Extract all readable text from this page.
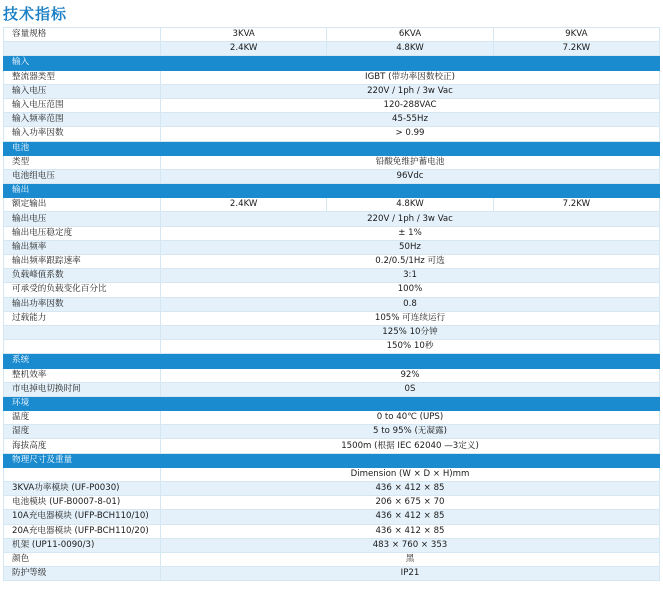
技术指标
容量规格	3KVA	6KVA	9KVA
	2.4KW	4.8KW	7.2KW
输入			
整流器类型	IGBT (带功率因数校正)		
输入电压	220V / 1ph / 3w Vac		
输入电压范围	120-288VAC		
输入频率范围	45-55Hz		
输入功率因数	> 0.99		
电池			
类型	铅酸免维护蓄电池		
电池组电压	96Vdc		
输出			
额定输出	2.4KW	4.8KW	7.2KW
输出电压	220V / 1ph / 3w Vac		
输出电压稳定度	± 1%		
输出频率	50Hz		
输出频率跟踪速率	0.2/0.5/1Hz 可选		
负载峰值系数	3:1		
可承受的负载变化百分比	100%		
输出功率因数	0.8		
过载能力	105% 可连续运行		
	125% 10分钟		
	150% 10秒		
系统			
整机效率	92%		
市电掉电切换时间	0S		
环境			
温度	0 to 40℃ (UPS)		
湿度	5 to 95% (无凝露)		
海拔高度	1500m (根据 IEC 62040 —3定义)		
物理尺寸及重量			
	Dimension (W × D × H)mm		
3KVA功率模块 (UF-P0030)	436 × 412 × 85		
电池模块 (UF-B0007-8-01)	206 × 675 × 70		
10A充电器模块 (UFP-BCH110/10)	436 × 412 × 85		
20A充电器模块 (UFP-BCH110/20)	436 × 412 × 85		
机架 (UP11-0090/3)	483 × 760 × 353		
颜色	黑		
防护等级	IP21		
